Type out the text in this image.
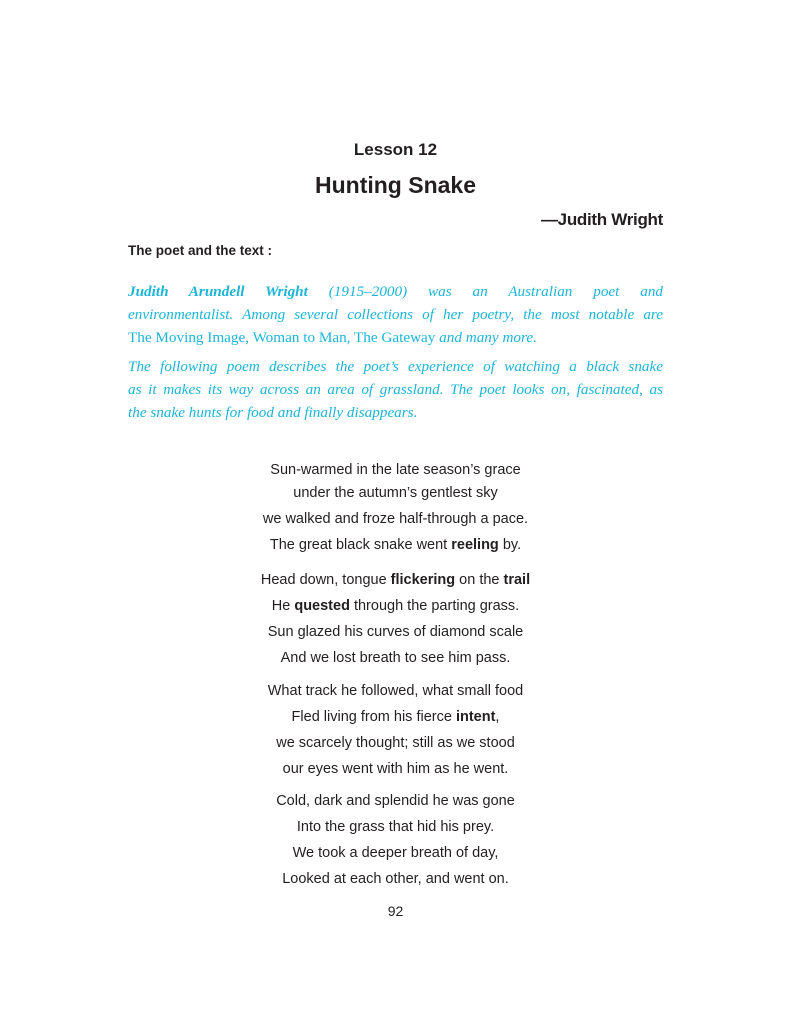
Lesson 12
Hunting Snake
—Judith Wright
The poet and the text :
Judith Arundell Wright (1915–2000) was an Australian poet and
environmentalist. Among several collections of her poetry, the most notable are
The Moving Image, Woman to Man, The Gateway and many more.
The following poem describes the poet’s experience of watching a black snake
as it makes its way across an area of grassland. The poet looks on, fascinated, as
the snake hunts for food and finally disappears.
Sun-warmed in the late season’s grace
under the autumn’s gentlest sky
we walked and froze half-through a pace.
The great black snake went reeling by.
Head down, tongue flickering on the trail
He quested through the parting grass.
Sun glazed his curves of diamond scale
And we lost breath to see him pass.
What track he followed, what small food
Fled living from his fierce intent,
we scarcely thought; still as we stood
our eyes went with him as he went.
Cold, dark and splendid he was gone
Into the grass that hid his prey.
We took a deeper breath of day,
Looked at each other, and went on.
92
